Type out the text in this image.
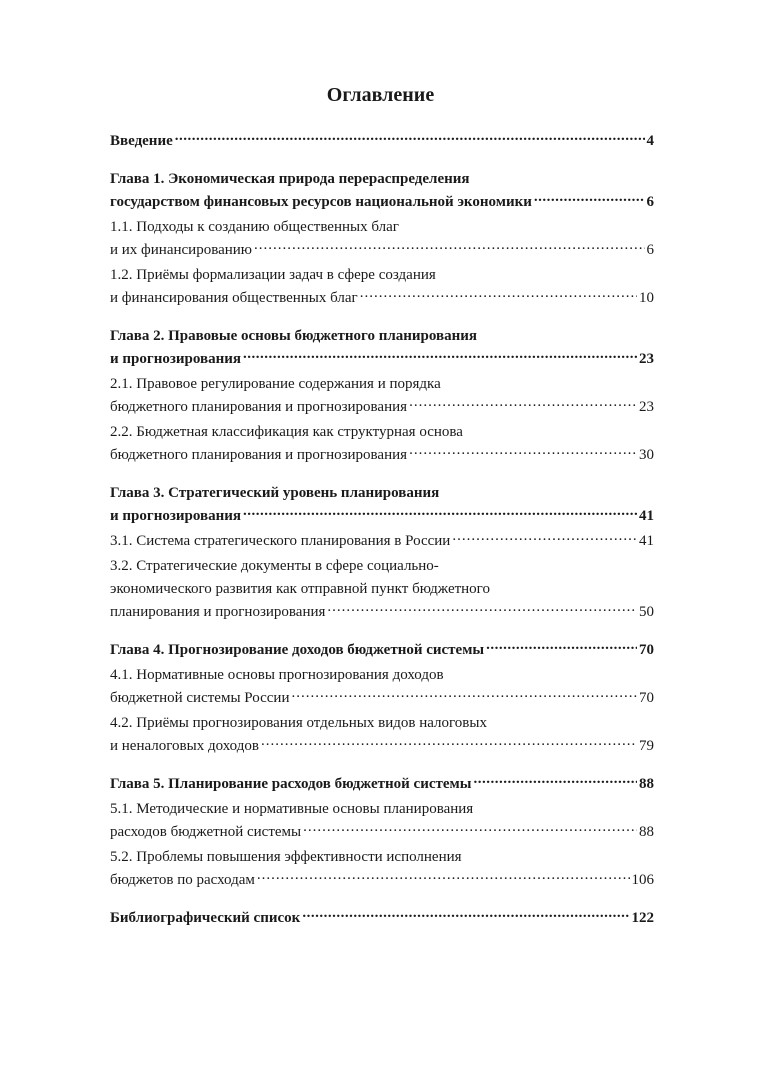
Оглавление
Введение .....	4
Глава 1. Экономическая природа перераспределения
государством финансовых ресурсов национальной экономики .....	6
1.1. Подходы к созданию общественных благ
и их финансированию .....	6
1.2. Приёмы формализации задач в сфере создания
и финансирования общественных благ .....	10
Глава 2. Правовые основы бюджетного планирования
и прогнозирования .....	23
2.1. Правовое регулирование содержания и порядка
бюджетного планирования и прогнозирования .....	23
2.2. Бюджетная классификация как структурная основа
бюджетного планирования и прогнозирования .....	30
Глава 3. Стратегический уровень планирования
и прогнозирования .....	41
3.1. Система стратегического планирования в России .....	41
3.2. Стратегические документы в сфере социально-
экономического развития как отправной пункт бюджетного
планирования и прогнозирования .....	50
Глава 4. Прогнозирование доходов бюджетной системы .....	70
4.1. Нормативные основы прогнозирования доходов
бюджетной системы России .....	70
4.2. Приёмы прогнозирования отдельных видов налоговых
и неналоговых доходов .....	79
Глава 5. Планирование расходов бюджетной системы .....	88
5.1. Методические и нормативные основы планирования
расходов бюджетной системы .....	88
5.2. Проблемы повышения эффективности исполнения
бюджетов по расходам .....	106
Библиографический список .....	122
